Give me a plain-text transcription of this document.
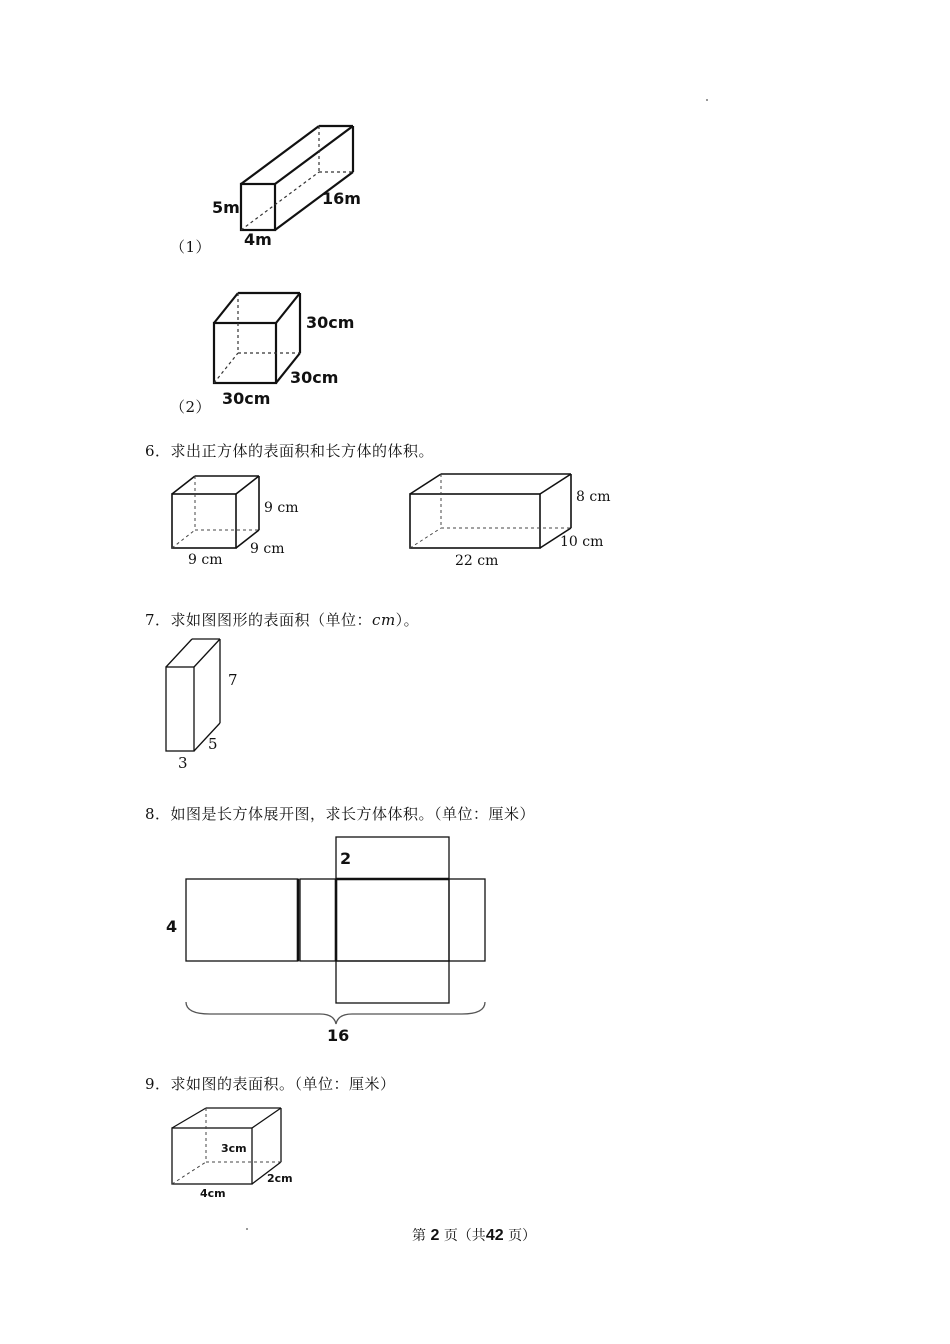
5m	16m
4m
（1）
30cm
30cm
30cm
（2）
6．求出正方体的表面积和长方体的体积。
9 cm
9 cm
9 cm
8 cm
10 cm
22 cm
7．求如图图形的表面积（单位：cm）。
7
5
3
8．如图是长方体展开图，求长方体体积。（单位：厘米）
4
2
16
9．求如图的表面积。（单位：厘米）
3cm
2cm
4cm
第 2 页（共42 页）
